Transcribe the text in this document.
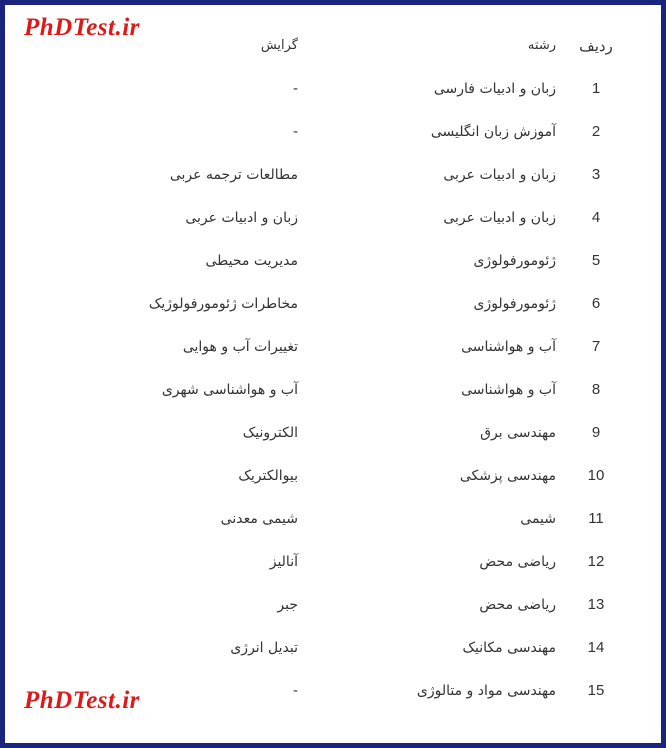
PhDTest.ir
ردیف	رشته	گرایش
1	زبان و ادبیات فارسی	-
2	آموزش زبان انگلیسی	-
3	زبان و ادبیات عربی	مطالعات ترجمه عربی
4	زبان و ادبیات عربی	زبان و ادبیات عربی
5	ژئومورفولوژی	مدیریت محیطی
6	ژئومورفولوژی	مخاطرات ژئومورفولوژیک
7	آب و هواشناسی	تغییرات آب و هوایی
8	آب و هواشناسی	آب و هواشناسی شهری
9	مهندسی برق	الکترونیک
10	مهندسی پزشکی	بیوالکتریک
11	شیمی	شیمی معدنی
12	ریاضی محض	آنالیز
13	ریاضی محض	جبر
14	مهندسی مکانیک	تبدیل انرژی
15	مهندسی مواد و متالوژی	-
PhDTest.ir
